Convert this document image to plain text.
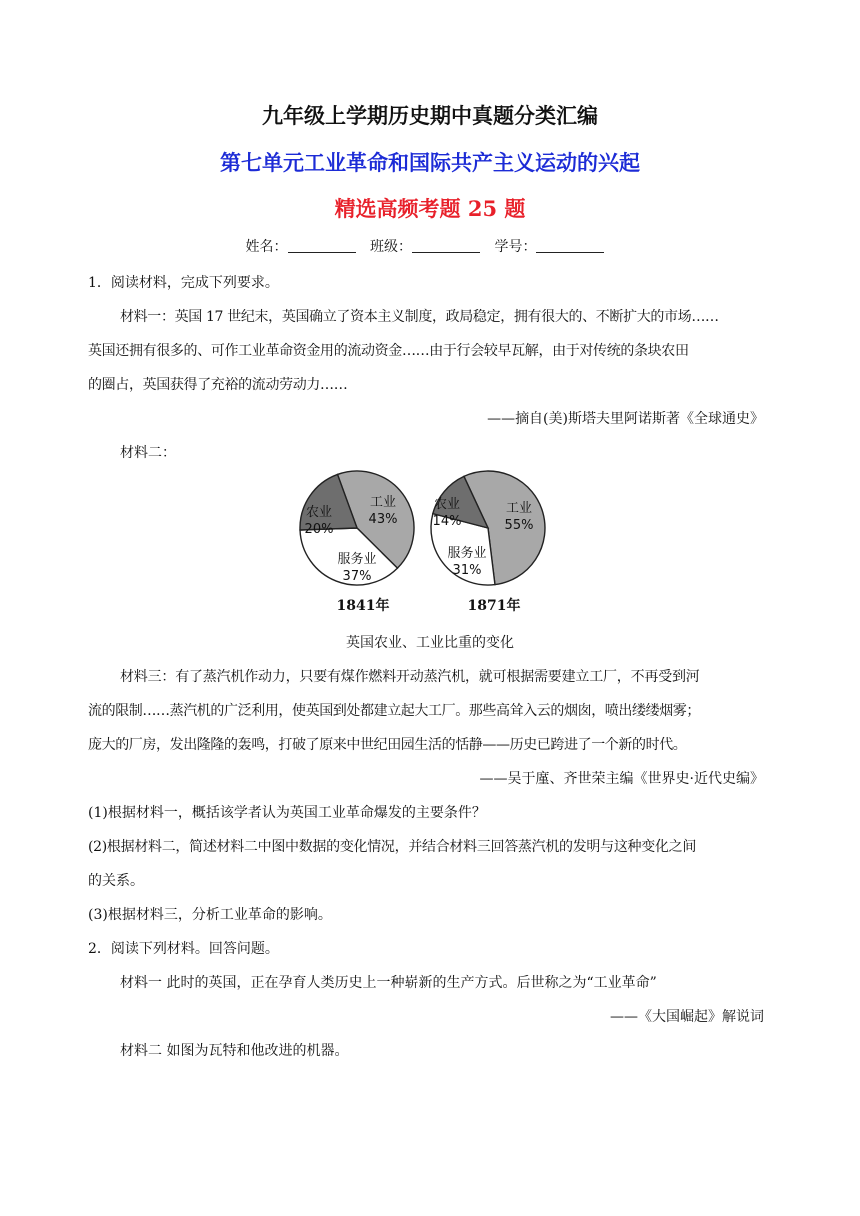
九年级上学期历史期中真题分类汇编
第七单元工业革命和国际共产主义运动的兴起
精选高频考题 25 题
姓名：	班级：	学号：
1．阅读材料，完成下列要求。
材料一：英国 17 世纪末，英国确立了资本主义制度，政局稳定，拥有很大的、不断扩大的市场……
英国还拥有很多的、可作工业革命资金用的流动资金……由于行会较早瓦解，由于对传统的条块农田
的圈占，英国获得了充裕的流动劳动力……
——摘自(美)斯塔夫里阿诺斯著《全球通史》
材料二：
工业
43%
服务业
37%
农业
20%
1841年
工业
55%
服务业
31%
农业
14%
1871年
英国农业、工业比重的变化
材料三：有了蒸汽机作动力，只要有煤作燃料开动蒸汽机，就可根据需要建立工厂，不再受到河
流的限制……蒸汽机的广泛利用，使英国到处都建立起大工厂。那些高耸入云的烟囱，喷出缕缕烟雾；
庞大的厂房，发出隆隆的轰鸣，打破了原来中世纪田园生活的恬静——历史已跨进了一个新的时代。
——吴于廑、齐世荣主编《世界史·近代史编》
(1)根据材料一，概括该学者认为英国工业革命爆发的主要条件？
(2)根据材料二，简述材料二中图中数据的变化情况，并结合材料三回答蒸汽机的发明与这种变化之间
的关系。
(3)根据材料三，分析工业革命的影响。
2．阅读下列材料。回答问题。
材料一 此时的英国，正在孕育人类历史上一种崭新的生产方式。后世称之为“工业革命”
——《大国崛起》解说词
材料二 如图为瓦特和他改进的机器。
